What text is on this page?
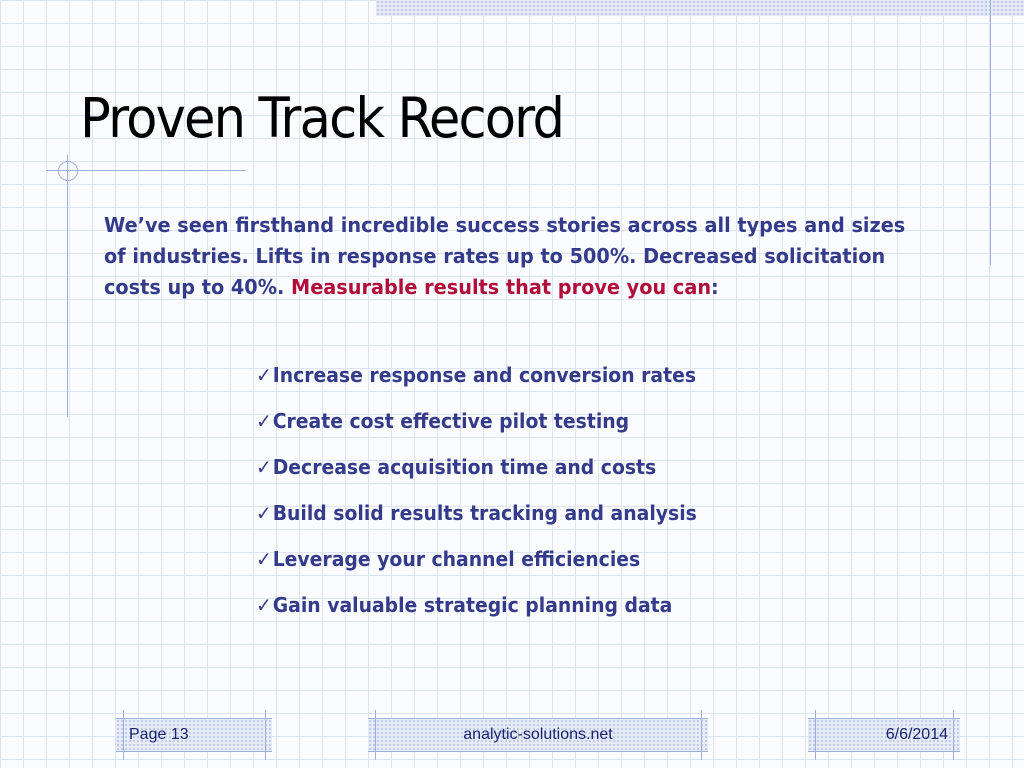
Proven Track Record

We’ve seen firsthand incredible success stories across all types and sizes of industries. Lifts in response rates up to 500%. Decreased solicitation costs up to 40%. Measurable results that prove you can:

✓Increase response and conversion rates
✓Create cost effective pilot testing
✓Decrease acquisition time and costs
✓Build solid results tracking and analysis
✓Leverage your channel efficiencies
✓Gain valuable strategic planning data
Page 13	analytic-solutions.net	6/6/2014
